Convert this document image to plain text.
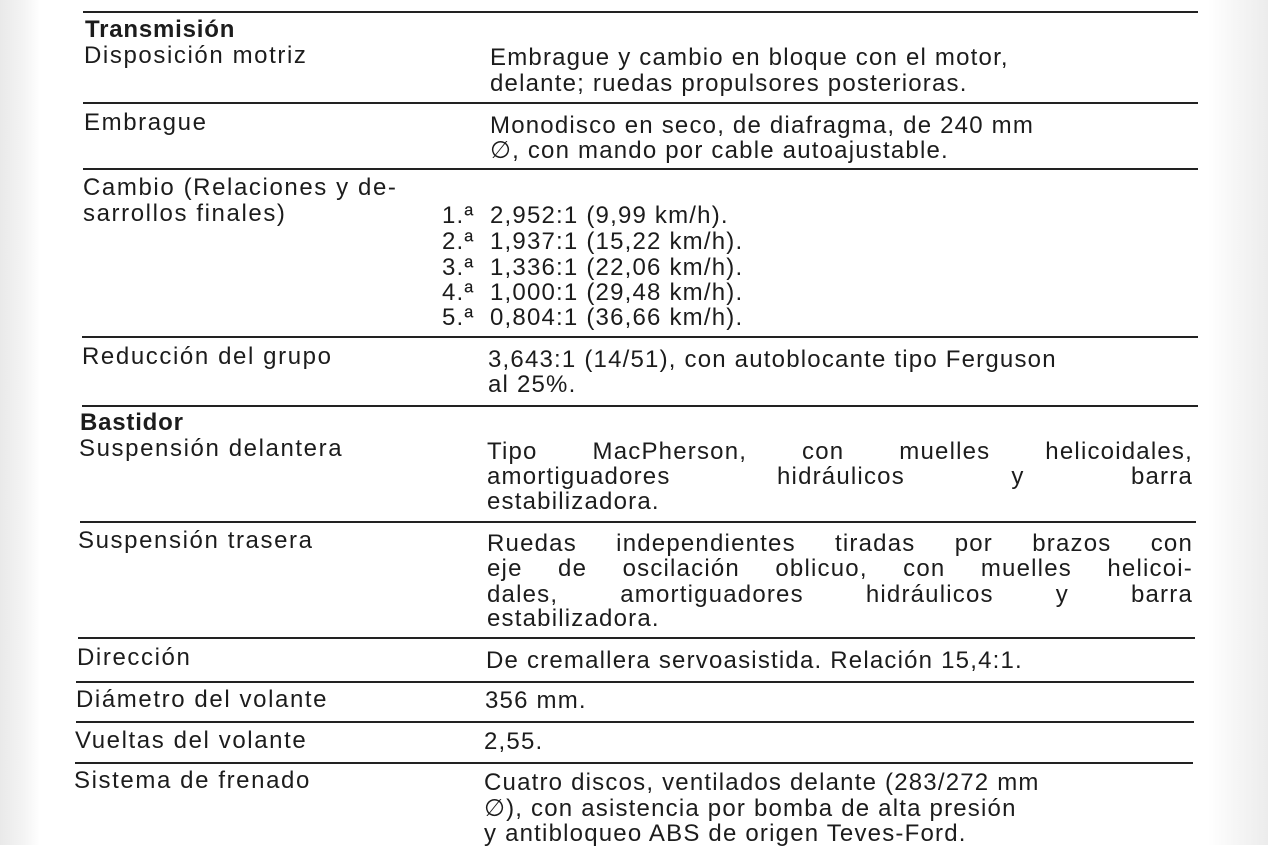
Transmisión
Disposición motriz	Embrague y cambio en bloque con el motor,
delante; ruedas propulsores posterioras.
Embrague	Monodisco en seco, de diafragma, de 240 mm
∅, con mando por cable autoajustable.
Cambio (Relaciones y de-
sarrollos finales)	1.ª 2,952:1 (9,99 km/h).
2.ª 1,937:1 (15,22 km/h).
3.ª 1,336:1 (22,06 km/h).
4.ª 1,000:1 (29,48 km/h).
5.ª 0,804:1 (36,66 km/h).
Reducción del grupo	3,643:1 (14/51), con autoblocante tipo Ferguson
al 25%.
Bastidor
Suspensión delantera	Tipo MacPherson, con muelles helicoidales,
amortiguadores hidráulicos y barra
estabilizadora.
Suspensión trasera	Ruedas independientes tiradas por brazos con
eje de oscilación oblicuo, con muelles helicoi-
dales, amortiguadores hidráulicos y barra
estabilizadora.
Dirección	De cremallera servoasistida. Relación 15,4:1.
Diámetro del volante	356 mm.
Vueltas del volante	2,55.
Sistema de frenado	Cuatro discos, ventilados delante (283/272 mm
∅), con asistencia por bomba de alta presión
y antibloqueo ABS de origen Teves-Ford.
